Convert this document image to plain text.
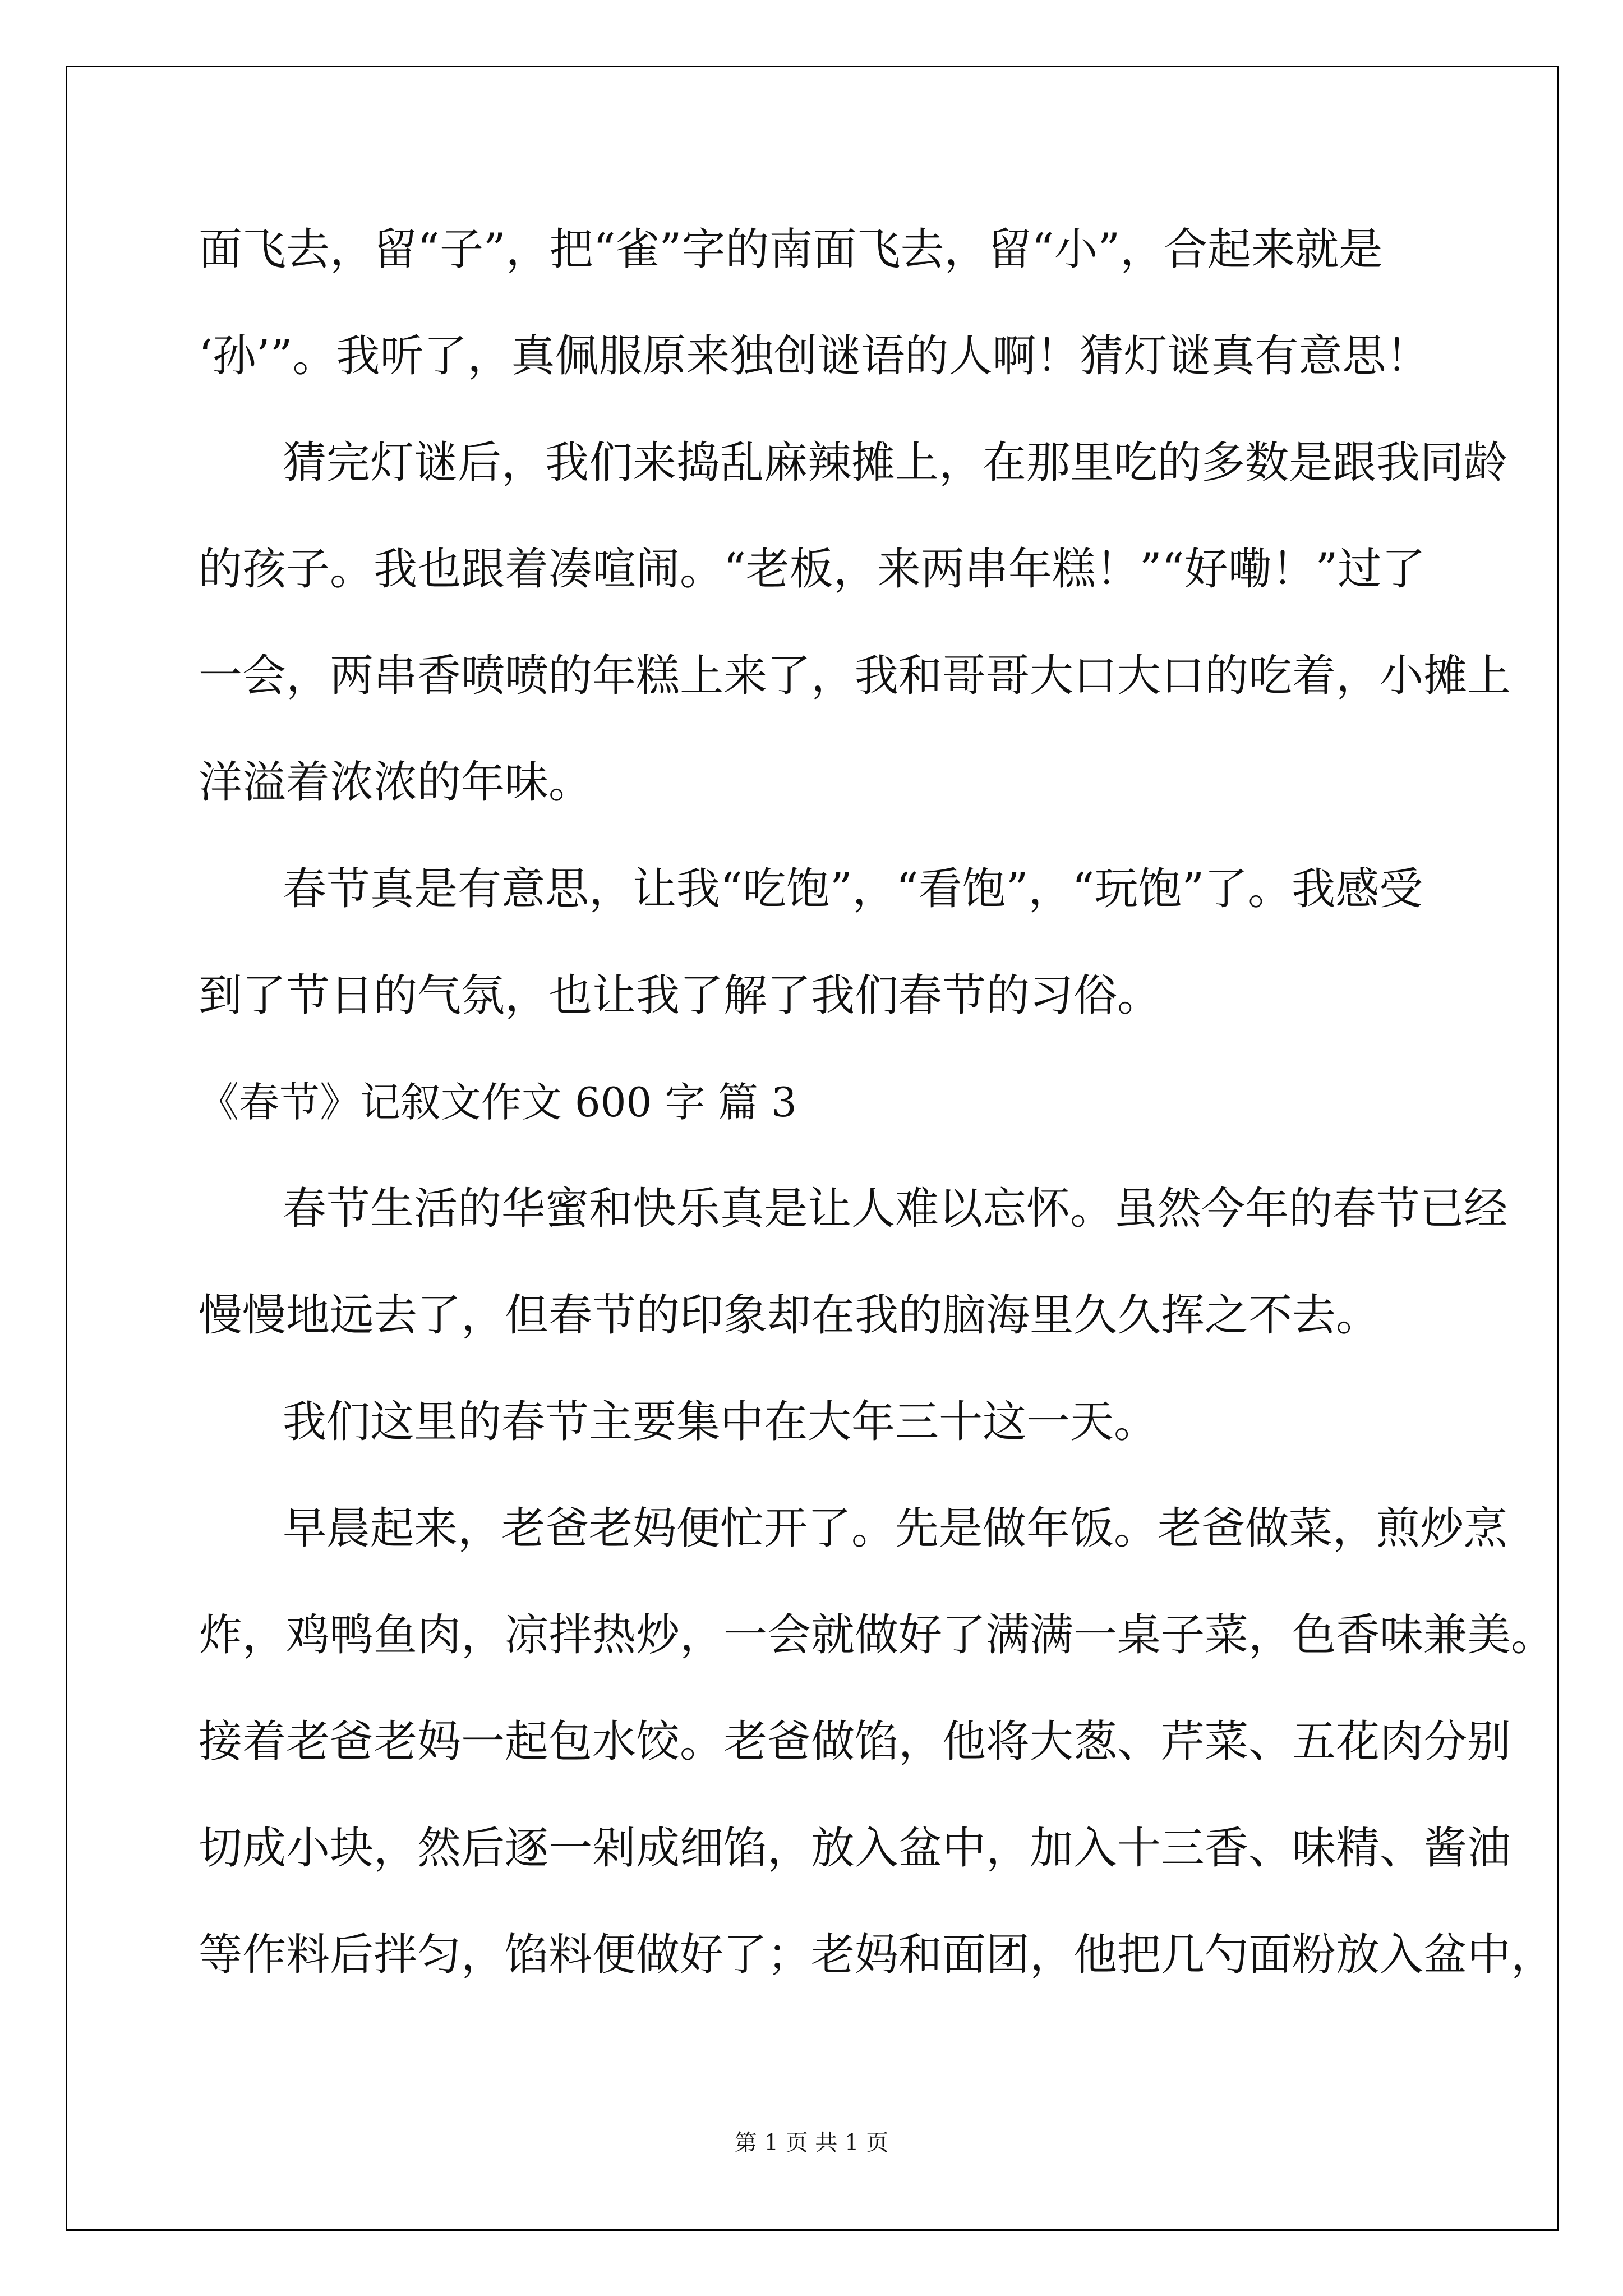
面飞去，留“子”，把“雀”字的南面飞去，留“小”，合起来就是
‘孙’”。我听了，真佩服原来独创谜语的人啊！猜灯谜真有意思！
猜完灯谜后，我们来捣乱麻辣摊上，在那里吃的多数是跟我同龄
的孩子。我也跟着凑喧闹。“老板，来两串年糕！”“好嘞！”过了
一会，两串香喷喷的年糕上来了，我和哥哥大口大口的吃着，小摊上
洋溢着浓浓的年味。
春节真是有意思，让我“吃饱”，“看饱”，“玩饱”了。我感受
到了节日的气氛，也让我了解了我们春节的习俗。
《春节》记叙文作文 600 字 篇 3
春节生活的华蜜和快乐真是让人难以忘怀。虽然今年的春节已经
慢慢地远去了，但春节的印象却在我的脑海里久久挥之不去。
我们这里的春节主要集中在大年三十这一天。
早晨起来，老爸老妈便忙开了。先是做年饭。老爸做菜，煎炒烹
炸，鸡鸭鱼肉，凉拌热炒，一会就做好了满满一桌子菜，色香味兼美。
接着老爸老妈一起包水饺。老爸做馅，他将大葱、芹菜、五花肉分别
切成小块，然后逐一剁成细馅，放入盆中，加入十三香、味精、酱油
等作料后拌匀，馅料便做好了；老妈和面团，他把几勺面粉放入盆中，
第 1 页 共 1 页
